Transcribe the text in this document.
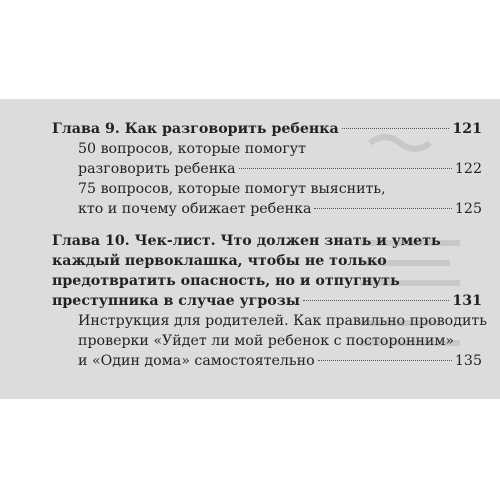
Глава 9. Как разговорить ребенка	121
50 вопросов, которые помогут
разговорить ребенка	122
75 вопросов, которые помогут выяснить,
кто и почему обижает ребенка	125
Глава 10. Чек-лист. Что должен знать и уметь
каждый первоклашка, чтобы не только
предотвратить опасность, но и отпугнуть
преступника в случае угрозы	131
Инструкция для родителей. Как правильно проводить
проверки «Уйдет ли мой ребенок с посторонним»
и «Один дома» самостоятельно	135
